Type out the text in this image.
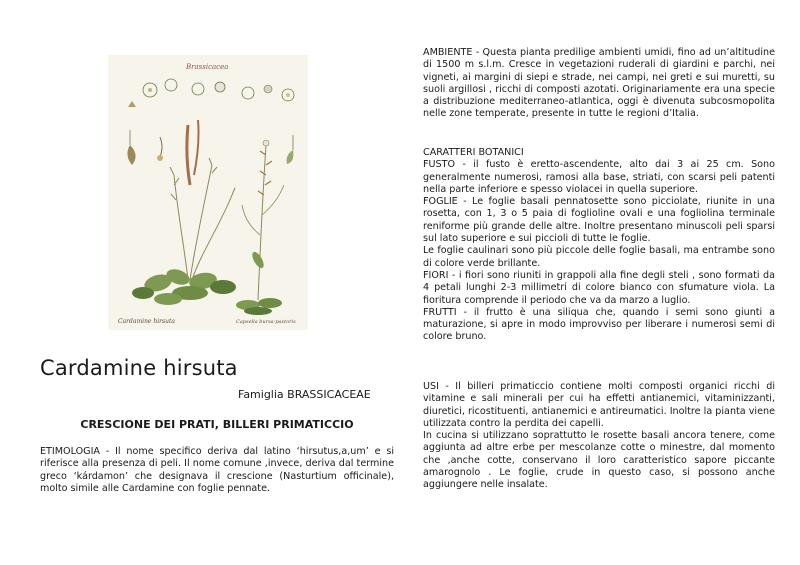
Brassicacea
Cardamine hirsuta	Capsella bursa-pastoris
Cardamine hirsuta
Famiglia BRASSICACEAE
CRESCIONE DEI PRATI, BILLERI PRIMATICCIO
ETIMOLOGIA - Il nome specifico deriva dal latino ‘hirsutus,a,um’ e si riferisce alla presenza di peli. Il nome comune ,invece, deriva dal termine greco ‘kárdamon’ che designava il crescione (Nasturtium officinale), molto simile alle Cardamine con foglie pennate.

AMBIENTE - Questa pianta predilige ambienti umidi, fino ad un’altitudine di 1500 m s.l.m. Cresce in vegetazioni ruderali di giardini e parchi, nei vigneti, ai margini di siepi e strade, nei campi, nei greti e sui muretti, su suoli argillosi , ricchi di composti azotati. Originariamente era una specie a distribuzione mediterraneo-atlantica, oggi è divenuta subcosmopolita nelle zone temperate, presente in tutte le regioni d’Italia.

CARATTERI BOTANICI

FUSTO - il fusto è eretto-ascendente, alto dai 3 ai 25 cm. Sono generalmente numerosi, ramosi alla base, striati, con scarsi peli patenti nella parte inferiore e spesso violacei in quella superiore.

FOGLIE - Le foglie basali pennatosette sono picciolate, riunite in una rosetta, con 1, 3 o 5 paia di foglioline ovali e una fogliolina terminale reniforme più grande delle altre. Inoltre presentano minuscoli peli sparsi sul lato superiore e sui piccioli di tutte le foglie.

Le foglie caulinari sono più piccole delle foglie basali, ma entrambe sono di colore verde brillante.

FIORI - i fiori sono riuniti in grappoli alla fine degli steli , sono formati da 4 petali lunghi 2-3 millimetri di colore bianco con sfumature viola. La fioritura comprende il periodo che va da marzo a luglio.

FRUTTI - il frutto è una siliqua che, quando i semi sono giunti a maturazione, si apre in modo improvviso per liberare i numerosi semi di colore bruno.

USI - Il billeri primaticcio contiene molti composti organici ricchi di vitamine e sali minerali per cui ha effetti antianemici, vitaminizzanti, diuretici, ricostituenti, antianemici e antireumatici. Inoltre la pianta viene utilizzata contro la perdita dei capelli.

In cucina si utilizzano soprattutto le rosette basali ancora tenere, come aggiunta ad altre erbe per mescolanze cotte o minestre, dal momento che ,anche cotte, conservano il loro caratteristico sapore piccante amarognolo . Le foglie, crude in questo caso, si possono anche aggiungere nelle insalate.
